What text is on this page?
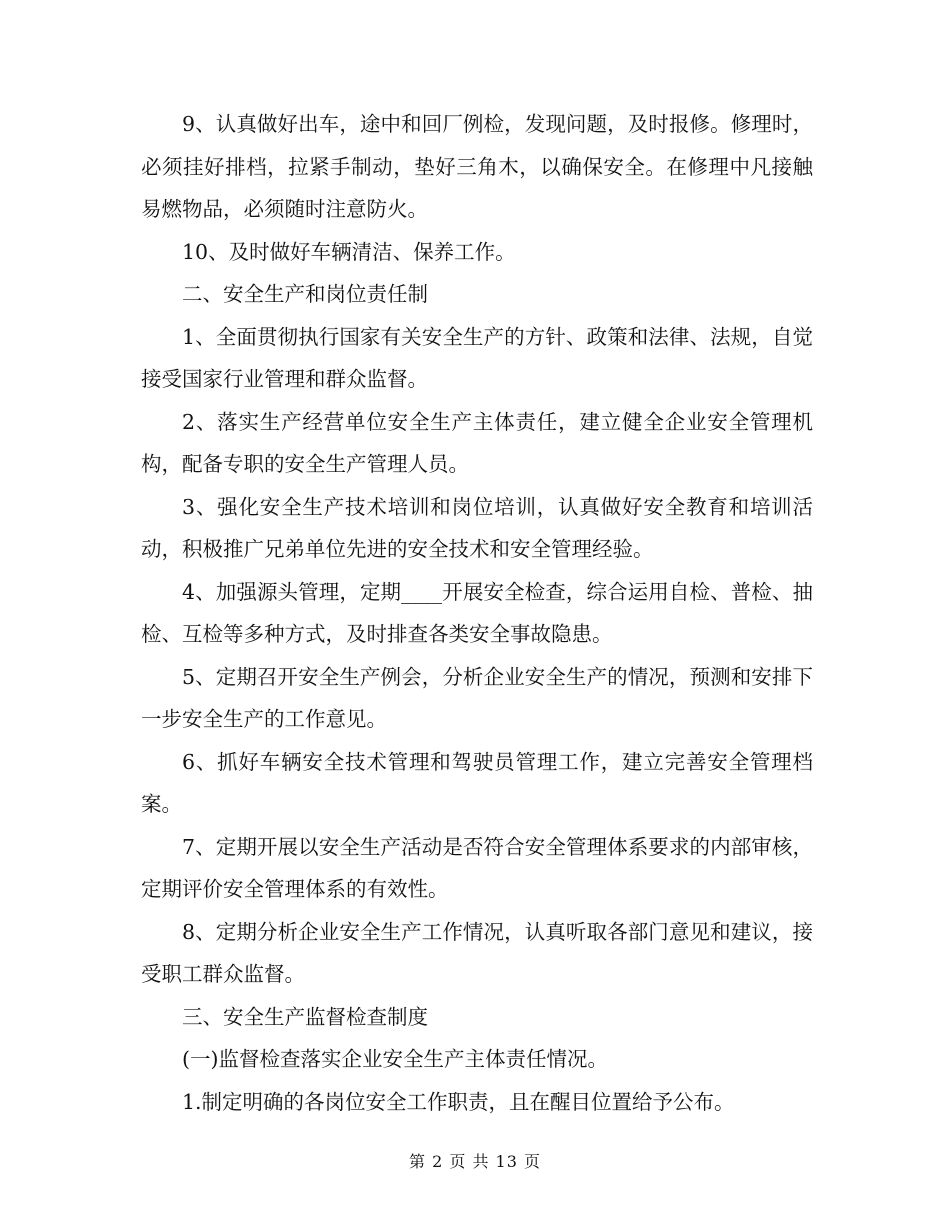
9、认真做好出车，途中和回厂例检，发现问题，及时报修。修理时，必须挂好排档，拉紧手制动，垫好三角木，以确保安全。在修理中凡接触易燃物品，必须随时注意防火。

10、及时做好车辆清洁、保养工作。

二、安全生产和岗位责任制

1、全面贯彻执行国家有关安全生产的方针、政策和法律、法规，自觉接受国家行业管理和群众监督。

2、落实生产经营单位安全生产主体责任，建立健全企业安全管理机构，配备专职的安全生产管理人员。

3、强化安全生产技术培训和岗位培训，认真做好安全教育和培训活动，积极推广兄弟单位先进的安全技术和安全管理经验。

4、加强源头管理，定期____开展安全检查，综合运用自检、普检、抽检、互检等多种方式，及时排查各类安全事故隐患。

5、定期召开安全生产例会，分析企业安全生产的情况，预测和安排下一步安全生产的工作意见。

6、抓好车辆安全技术管理和驾驶员管理工作，建立完善安全管理档案。

7、定期开展以安全生产活动是否符合安全管理体系要求的内部审核，定期评价安全管理体系的有效性。

8、定期分析企业安全生产工作情况，认真听取各部门意见和建议，接受职工群众监督。

三、安全生产监督检查制度

(一)监督检查落实企业安全生产主体责任情况。

1.制定明确的各岗位安全工作职责，且在醒目位置给予公布。

第 2 页 共 13 页
